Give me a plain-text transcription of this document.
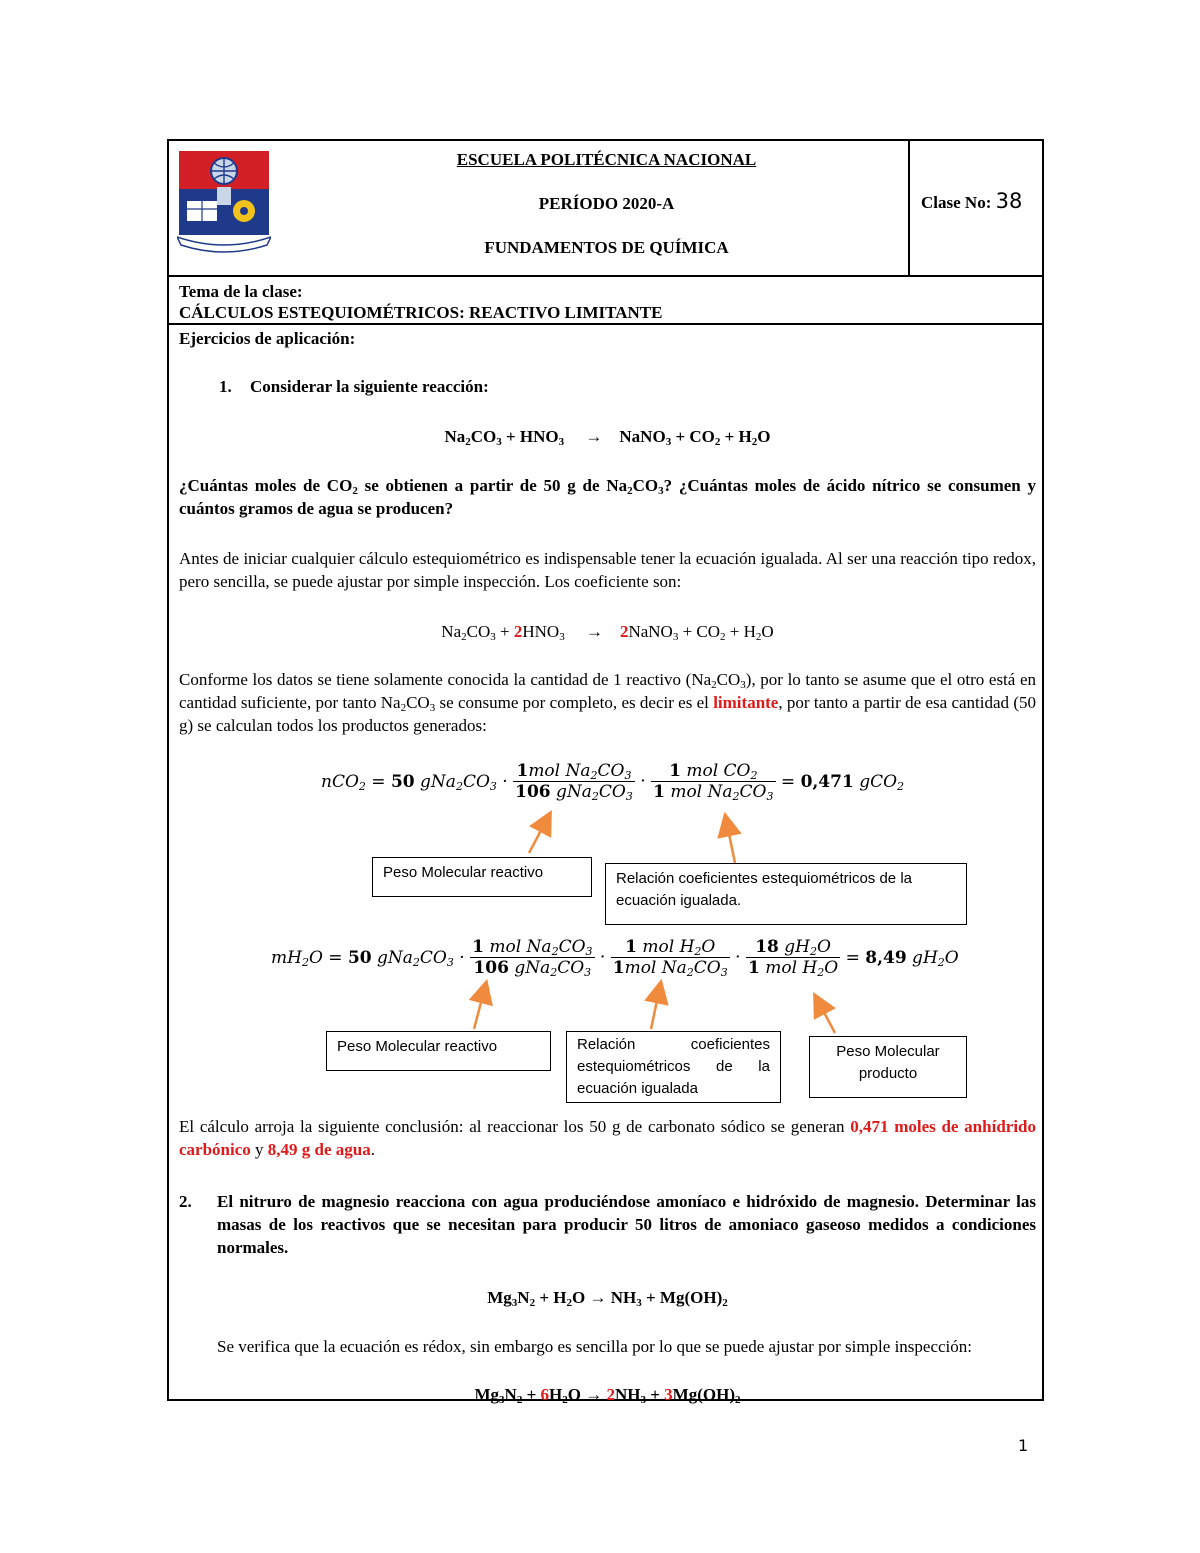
ESCUELA POLITÉCNICA NACIONAL
PERÍODO 2020-A
FUNDAMENTOS DE QUÍMICA
Clase No: 38
Tema de la clase:
CÁLCULOS ESTEQUIOMÉTRICOS: REACTIVO LIMITANTE
Ejercicios de aplicación:
1. Considerar la siguiente reacción:
$Na_2CO_3 + HNO_3$     →    NaNO$_3$ + $CO_2 + H_2O$
¿Cuántas moles de $CO_2$ se obtienen a partir de 50 g de $Na_2CO_3$? ¿Cuántas moles de ácido nítrico se consumen y cuántos gramos de agua se producen?
Antes de iniciar cualquier cálculo estequiométrico es indispensable tener la ecuación igualada. Al ser una reacción tipo redox, pero sencilla, se puede ajustar por simple inspección. Los coeficiente son:
$Na_2CO_3 + 2HNO_3$     →    2NaNO$_3$ + $CO_2 + H_2O$
Conforme los datos se tiene solamente conocida la cantidad de 1 reactivo $(Na_2CO_3)$, por lo tanto se asume que el otro está en cantidad suficiente, por tanto $Na_2CO_3$ se consume por completo, es decir es el limitante, por tanto a partir de esa cantidad (50 g) se calculan todos los productos generados:
nCO$_2$ = 50 $gNa_2CO_3 \cdot \frac{1mol Na_2CO_3}{106 gNa_2CO_3} \cdot \frac{1 mol CO_2}{1 mol Na_2CO_3} = 0,471$ gCO$_2$
Peso Molecular reactivo	Relación coeficientes estequiométricos de la ecuación igualada.
$mH_2O = 50$ $gNa_2CO_3 \cdot \frac{1 mol Na_2CO_3}{106 gNa_2CO_3} \cdot \frac{1 mol H_2O}{1mol Na_2CO_3} \cdot \frac{18 gH_2O}{1 mol H_2O} = 8,49$ $gH_2O$
Peso Molecular reactivo	Relación coeficientes estequiométricos de la ecuación igualada
Peso Molecular producto
El cálculo arroja la siguiente conclusión: al reaccionar los 50 g de carbonato sódico se generan 0,471 moles de anhídrido carbónico y 8,49 g de agua.
2.	El nitruro de magnesio reacciona con agua produciéndose amoníaco e hidróxido de magnesio. Determinar las masas de los reactivos que se necesitan para producir 50 litros de amoniaco gaseoso medidos a condiciones normales.
$Mg_3N_2 + H_2O \to NH_3 + Mg(OH)_2$
Se verifica que la ecuación es rédox, sin embargo es sencilla por lo que se puede ajustar por simple inspección:
$Mg_3N_2 + 6H_2O \to 2NH_3 + 3Mg(OH)_2$
1
